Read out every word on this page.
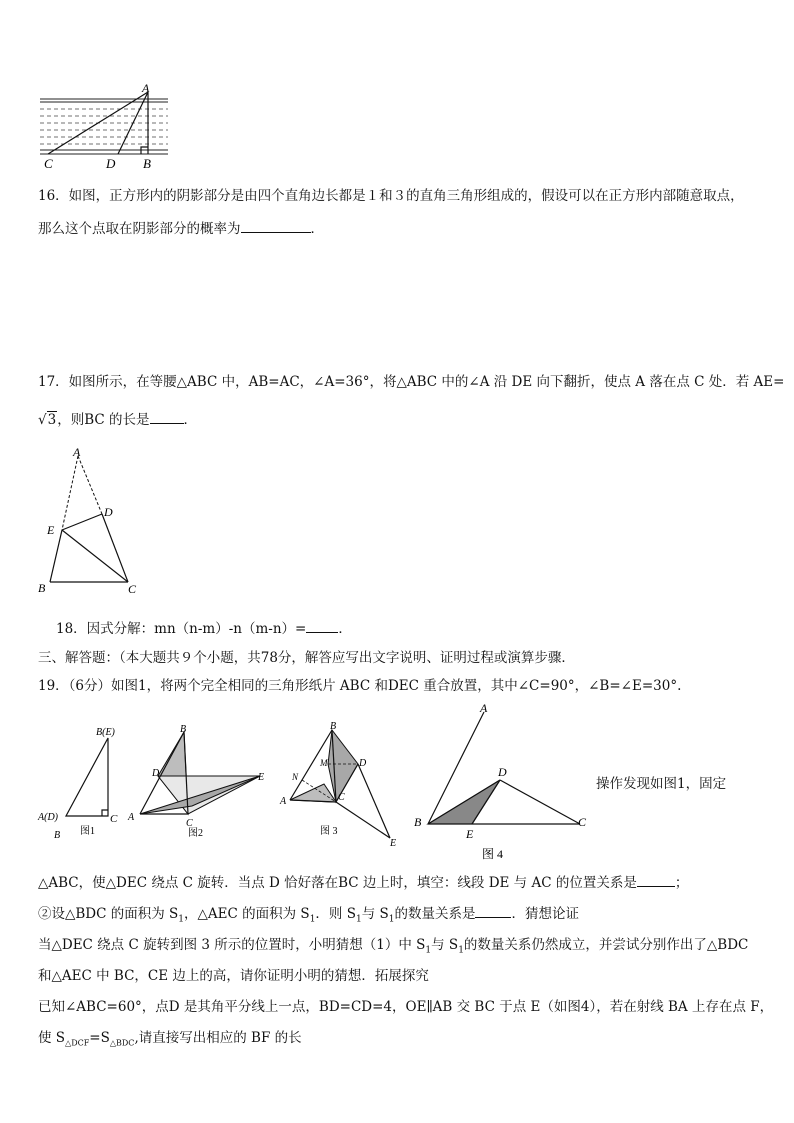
A
C	D B
16．如图，正方形内的阴影部分是由四个直角边长都是１和３的直角三角形组成的，假设可以在正方形内部随意取点，
那么这个点取在阴影部分的概率为	．
17．如图所示，在等腰△ABC 中，AB=AC，∠A=36°，将△ABC 中的∠A 沿 DE 向下翻折，使点 A 落在点 C 处．若 AE=
√3，则BC 的长是	．
A
D
E
B	C
18．因式分解：mn（n-m）-n（m-n）= ．
三、解答题：（本大题共９个小题，共78分，解答应写出文字说明、证明过程或演算步骤．
19．（6分）如图1，将两个完全相同的三角形纸片 ABC 和DEC 重合放置，其中∠C=90°，∠B=∠E=30°.
B(E)
A(D)	C
B 图1
B
D	E
A
C
图2
B
M	D
N
A	C
E
图 3
A
D
B
E
C
图 4
操作发现如图1，固定
△ABC，使△DEC 绕点 C 旋转．当点 D 恰好落在BC 边上时，填空：线段 DE 与 AC 的位置关系是	；
②设△BDC 的面积为 $S_1$，△AEC 的面积为 $S_1$．则 $S_1$与 $S_1$的数量关系是	．猜想论证
当△DEC 绕点 C 旋转到图 3 所示的位置时，小明猜想（1）中 $S_1$与 $S_1$的数量关系仍然成立，并尝试分别作出了△BDC
和△AEC 中 BC，CE 边上的高，请你证明小明的猜想．拓展探究
已知∠ABC=60°，点D 是其角平分线上一点，BD=CD=4，OE∥AB 交 BC 于点 E（如图4），若在射线 BA 上存在点 F，
使 $S_{\triangle DCF}=S_{\triangle BDC}$,请直接写出相应的 BF 的长
